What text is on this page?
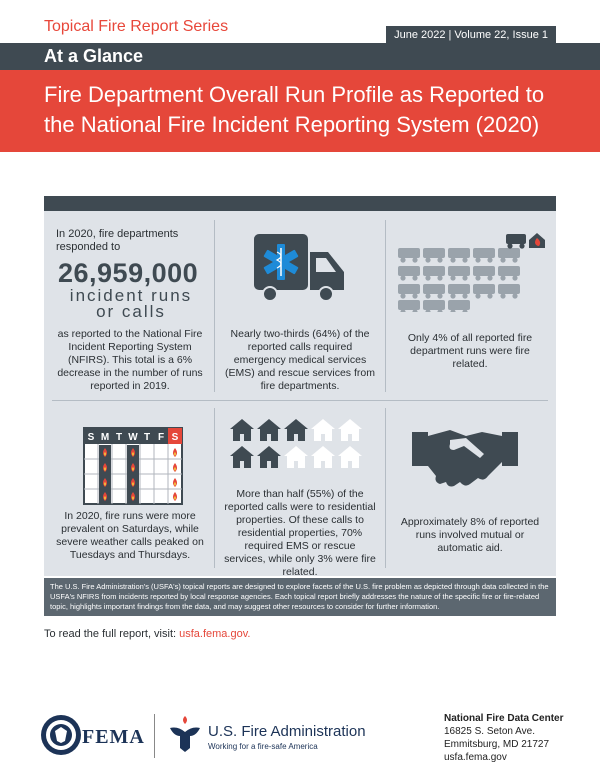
Topical Fire Report Series	June 2022 | Volume 22, Issue 1
At a Glance
Fire Department Overall Run Profile as Reported to the National Fire Incident Reporting System (2020)
In 2020, fire departments responded to
26,959,000
incident runs
or calls
as reported to the National Fire Incident Reporting System (NFIRS). This total is a 6% decrease in the number of runs reported in 2019.
Nearly two-thirds (64%) of the reported calls required emergency medical services (EMS) and rescue services from fire departments.
Only 4% of all reported fire department runs were fire related.
S M T W T F S
In 2020, fire runs were more prevalent on Saturdays, while severe weather calls peaked on Tuesdays and Thursdays.
More than half (55%) of the reported calls were to residential properties. Of these calls to residential properties, 70% required EMS or rescue services, while only 3% were fire related.
Approximately 8% of reported runs involved mutual or automatic aid.
The U.S. Fire Administration's (USFA's) topical reports are designed to explore facets of the U.S. fire problem as depicted through data collected in the USFA's NFIRS from incidents reported by local response agencies. Each topical report briefly addresses the nature of the specific fire or fire-related topic, highlights important findings from the data, and may suggest other resources to consider for further information.
To read the full report, visit: usfa.fema.gov.
FEMA	U.S. Fire Administration
Working for a fire-safe America
National Fire Data Center
16825 S. Seton Ave.
Emmitsburg, MD 21727
usfa.fema.gov
